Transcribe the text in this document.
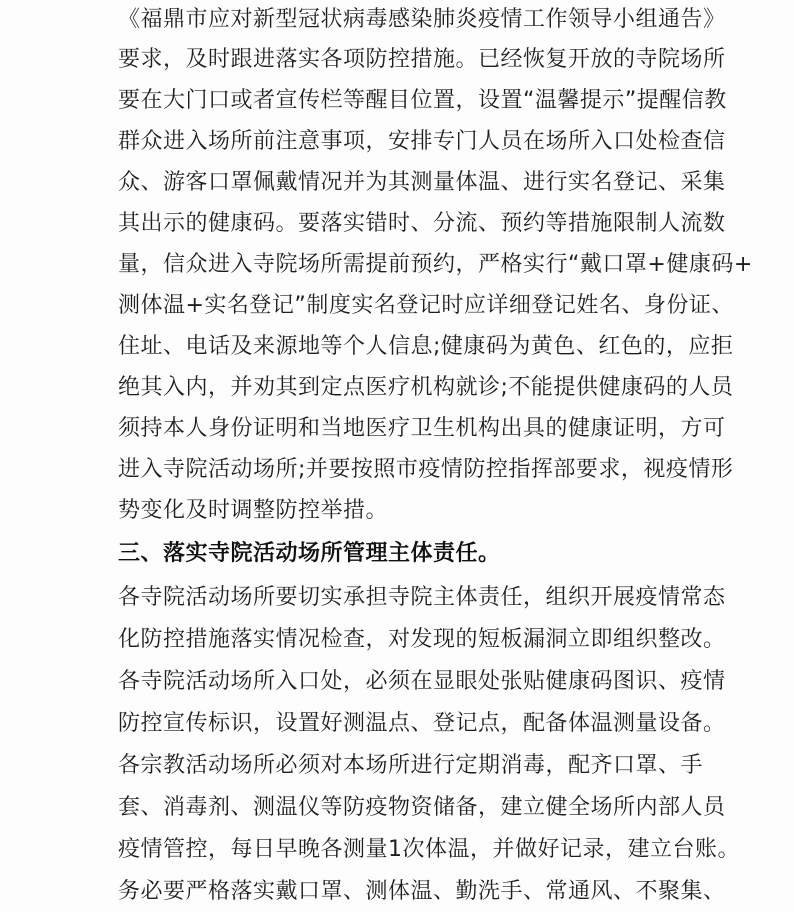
《福鼎市应对新型冠状病毒感染肺炎疫情工作领导小组通告》
要求，及时跟进落实各项防控措施。已经恢复开放的寺院场所
要在大门口或者宣传栏等醒目位置，设置“温馨提示”提醒信教
群众进入场所前注意事项，安排专门人员在场所入口处检查信
众、游客口罩佩戴情况并为其测量体温、进行实名登记、采集
其出示的健康码。要落实错时、分流、预约等措施限制人流数
量，信众进入寺院场所需提前预约，严格实行“戴口罩+健康码+
测体温+实名登记”制度实名登记时应详细登记姓名、身份证、
住址、电话及来源地等个人信息;健康码为黄色、红色的，应拒
绝其入内，并劝其到定点医疗机构就诊;不能提供健康码的人员
须持本人身份证明和当地医疗卫生机构出具的健康证明，方可
进入寺院活动场所;并要按照市疫情防控指挥部要求，视疫情形
势变化及时调整防控举措。
三、落实寺院活动场所管理主体责任。
各寺院活动场所要切实承担寺院主体责任，组织开展疫情常态
化防控措施落实情况检查，对发现的短板漏洞立即组织整改。
各寺院活动场所入口处，必须在显眼处张贴健康码图识、疫情
防控宣传标识，设置好测温点、登记点，配备体温测量设备。
各宗教活动场所必须对本场所进行定期消毒，配齐口罩、手
套、消毒剂、测温仪等防疫物资储备，建立健全场所内部人员
疫情管控，每日早晚各测量1次体温，并做好记录，建立台账。
务必要严格落实戴口罩、测体温、勤洗手、常通风、不聚集、
